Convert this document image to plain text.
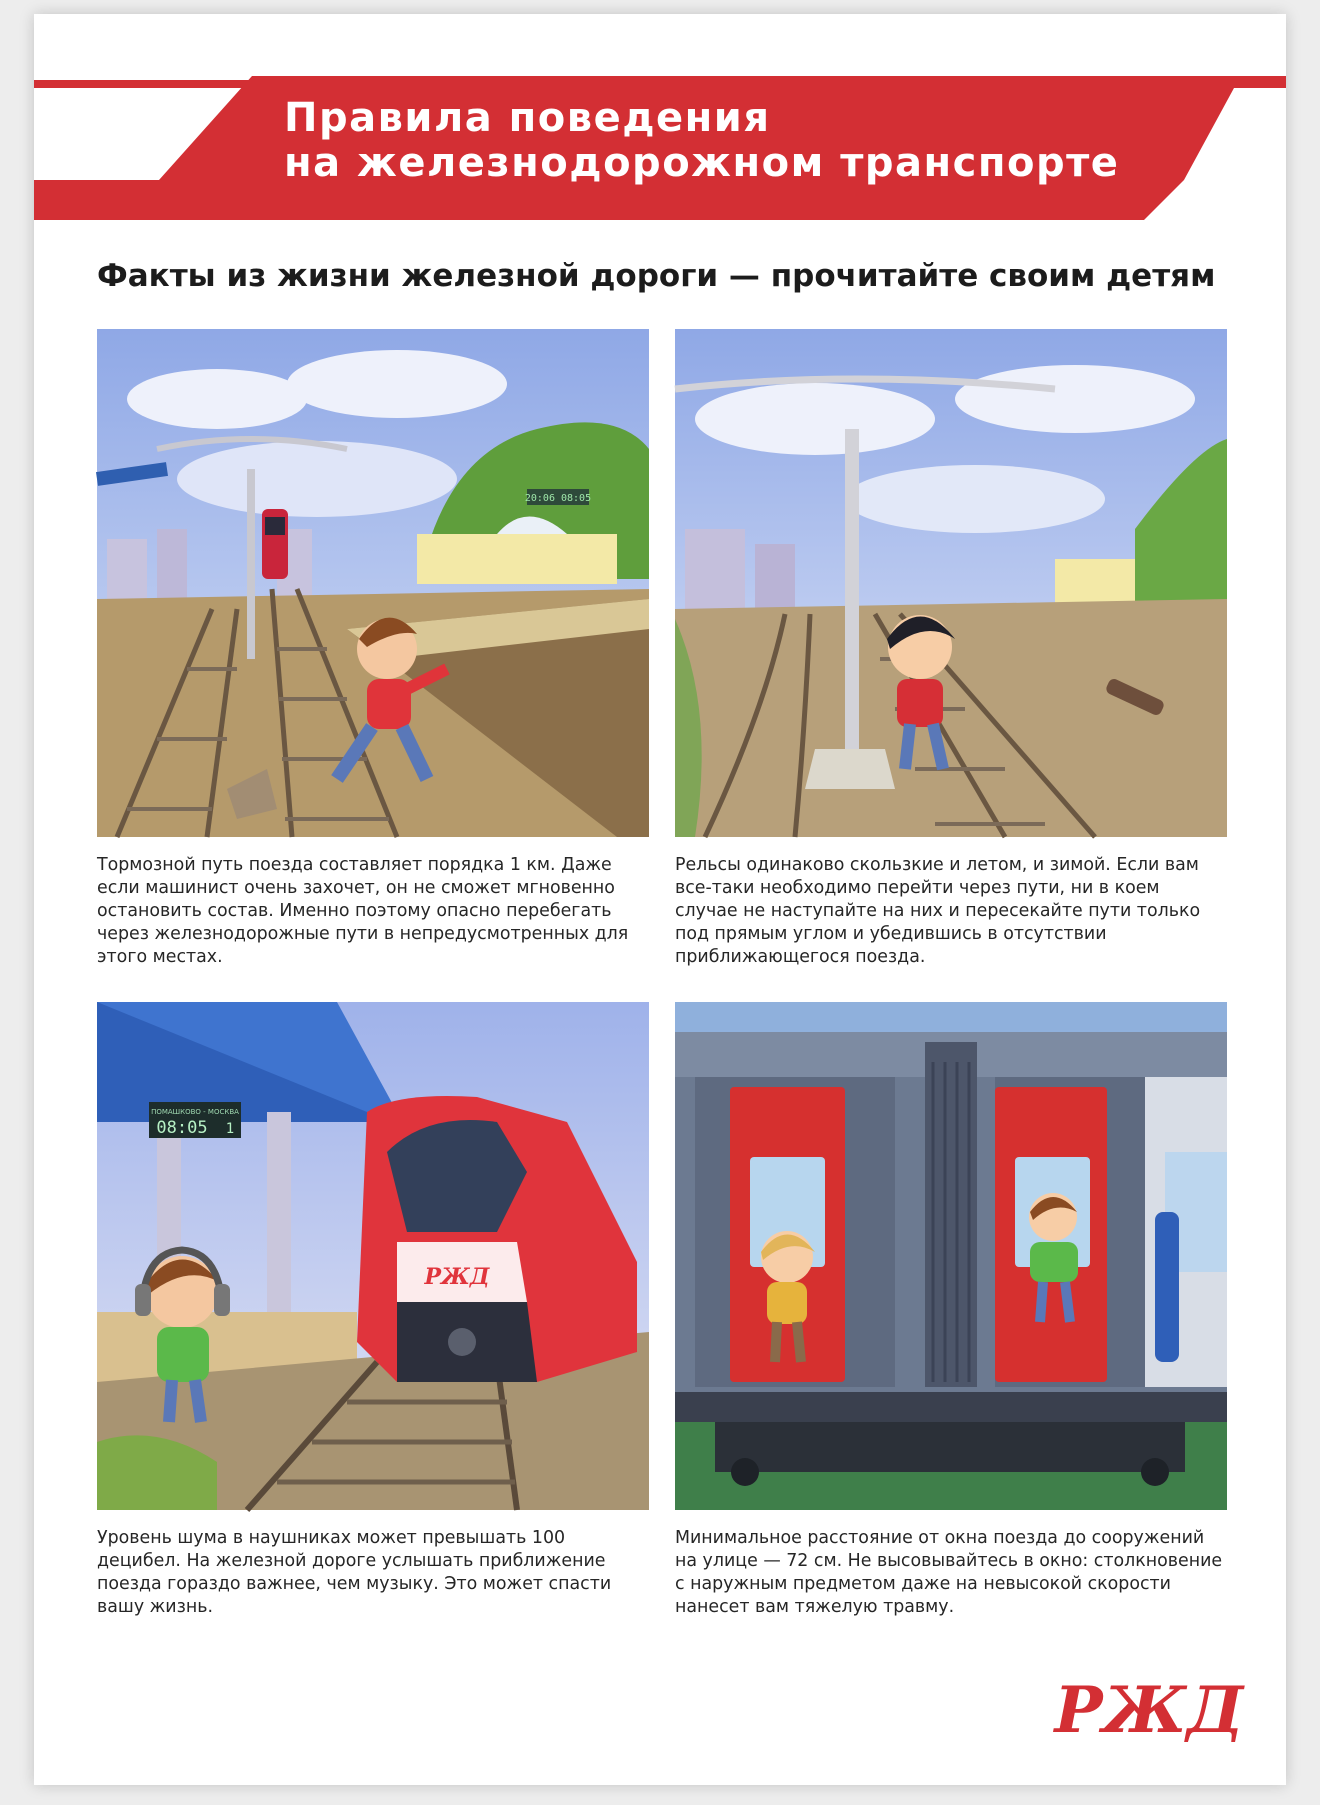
Правила поведения
на железнодорожном транспорте
Факты из жизни железной дороги — прочитайте своим детям
20:06 08:05

Тормозной путь поезда составляет порядка 1 км. Даже если машинист очень захочет, он не сможет мгновенно остановить состав. Именно поэтому опасно перебегать через железнодорожные пути в непредусмотренных для этого местах.

Рельсы одинаково скользкие и летом, и зимой. Если вам все-таки необходимо перейти через пути, ни в коем случае не наступайте на них и пересекайте пути только под прямым углом и убедившись в отсутствии приближающегося поезда.

ПОМАШКОВО - МОСКВА
08:05 1
РЖД

Уровень шума в наушниках может превышать 100 децибел. На железной дороге услышать приближение поезда гораздо важнее, чем музыку. Это может спасти вашу жизнь.

Минимальное расстояние от окна поезда до сооружений на улице — 72 см. Не высовывайтесь в окно: столкновение с наружным предметом даже на невысокой скорости нанесет вам тяжелую травму.

РЖД
